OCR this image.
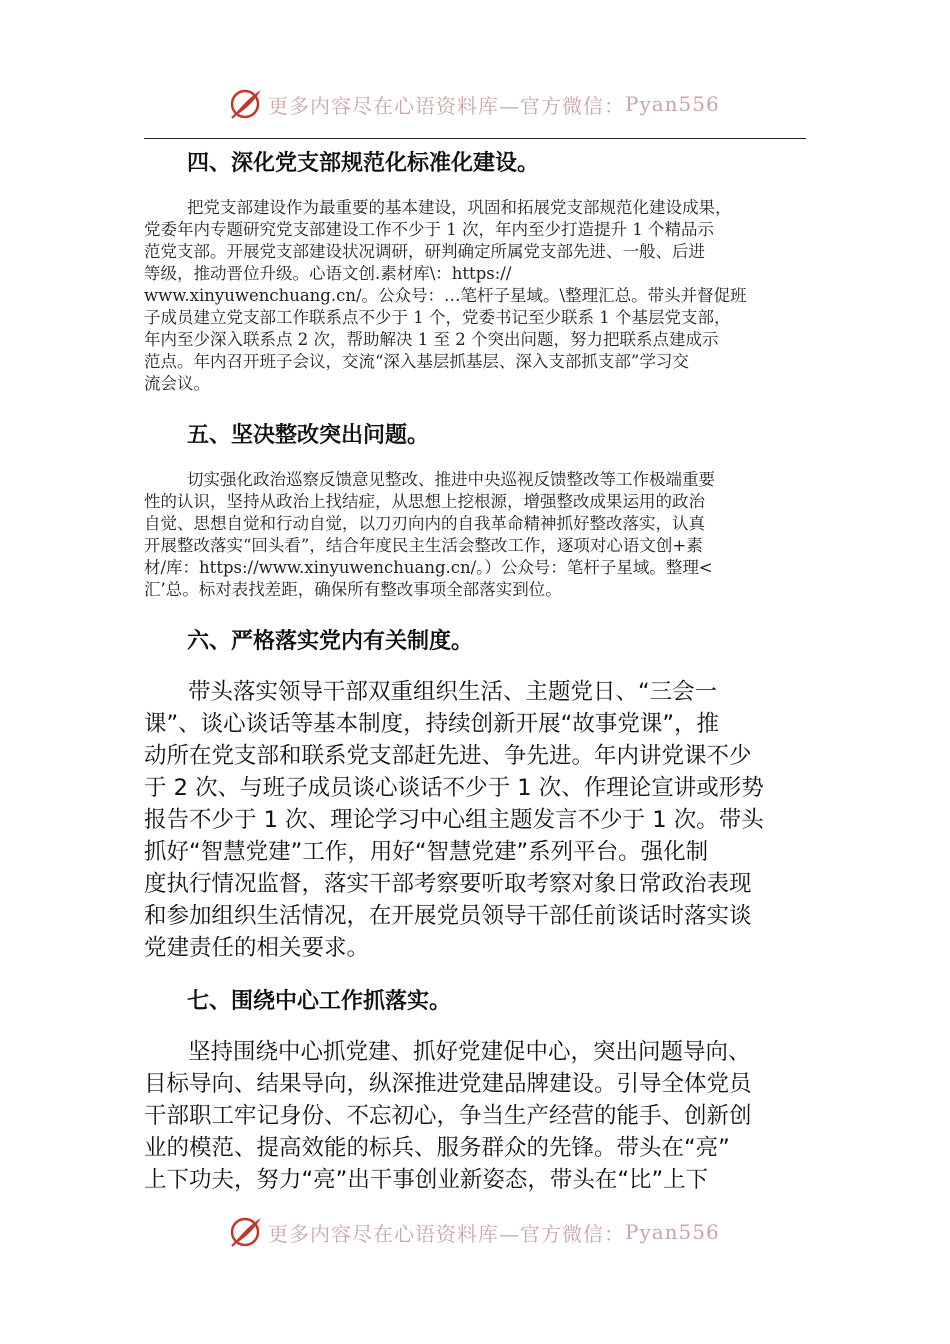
更多内容尽在心语资料库—官方微信： Pyan556
四、深化党支部规范化标准化建设。
把党支部建设作为最重要的基本建设，巩固和拓展党支部规范化建设成果，
党委年内专题研究党支部建设工作不少于 1 次，年内至少打造提升 1 个精品示
范党支部。开展党支部建设状况调研，研判确定所属党支部先进、一般、后进
等级，推动晋位升级。心语文创.素材库\：https://
www.xinyuwenchuang.cn/。公众号：…笔杆子星域。\整理汇总。带头并督促班
子成员建立党支部工作联系点不少于 1 个，党委书记至少联系 1 个基层党支部，
年内至少深入联系点 2 次，帮助解决 1 至 2 个突出问题，努力把联系点建成示
范点。年内召开班子会议，交流“深入基层抓基层、深入支部抓支部”学习交
流会议。
五、坚决整改突出问题。
切实强化政治巡察反馈意见整改、推进中央巡视反馈整改等工作极端重要
性的认识，坚持从政治上找结症，从思想上挖根源，增强整改成果运用的政治
自觉、思想自觉和行动自觉，以刀刃向内的自我革命精神抓好整改落实，认真
开展整改落实“回头看”，结合年度民主生活会整改工作，逐项对心语文创+素
材/库：https://www.xinyuwenchuang.cn/。）公众号：笔杆子星域。整理<
汇’总。标对表找差距，确保所有整改事项全部落实到位。
六、严格落实党内有关制度。
带头落实领导干部双重组织生活、主题党日、“三会一
课”、谈心谈话等基本制度，持续创新开展“故事党课”，推
动所在党支部和联系党支部赶先进、争先进。年内讲党课不少
于 2 次、与班子成员谈心谈话不少于 1 次、作理论宣讲或形势
报告不少于 1 次、理论学习中心组主题发言不少于 1 次。带头
抓好“智慧党建”工作，用好“智慧党建”系列平台。强化制
度执行情况监督，落实干部考察要听取考察对象日常政治表现
和参加组织生活情况，在开展党员领导干部任前谈话时落实谈
党建责任的相关要求。
七、围绕中心工作抓落实。
坚持围绕中心抓党建、抓好党建促中心，突出问题导向、
目标导向、结果导向，纵深推进党建品牌建设。引导全体党员
干部职工牢记身份、不忘初心，争当生产经营的能手、创新创
业的模范、提高效能的标兵、服务群众的先锋。带头在“亮”
上下功夫，努力“亮”出干事创业新姿态，带头在“比”上下
更多内容尽在心语资料库—官方微信： Pyan556
